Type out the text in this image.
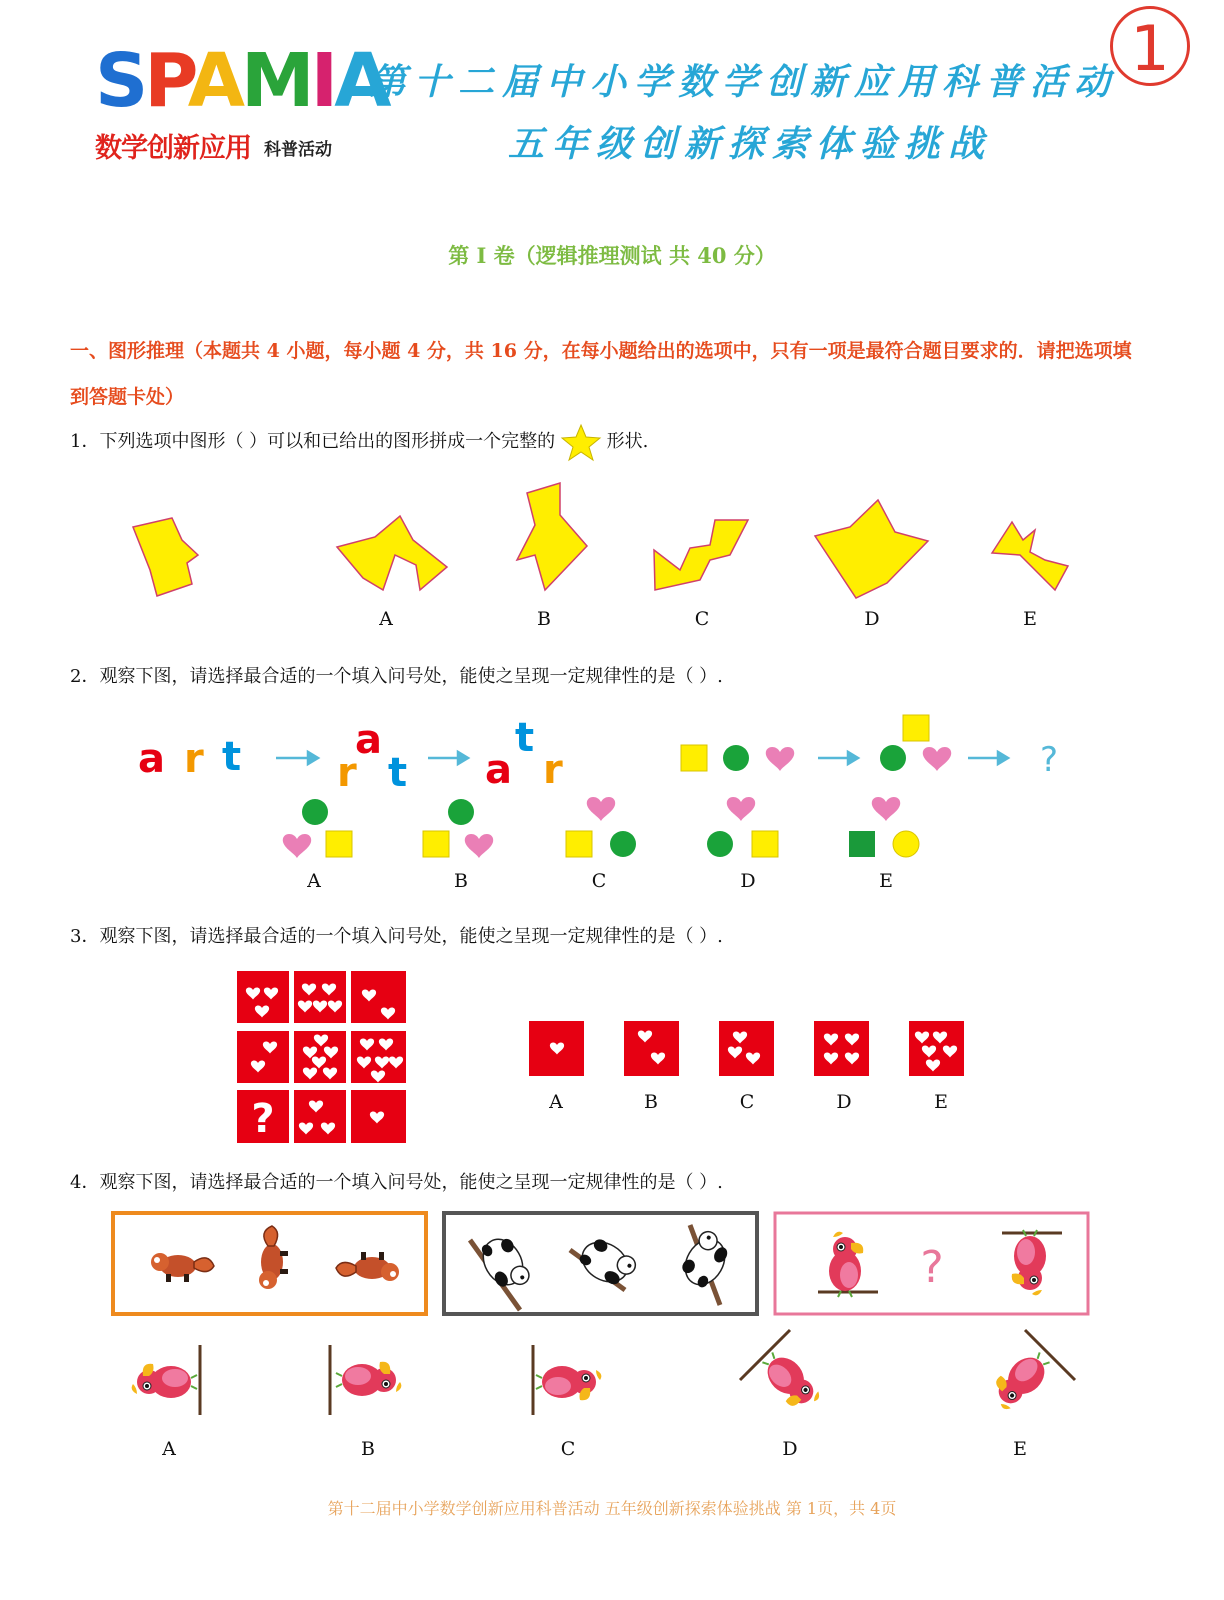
SPAMIA
数学创新应用 科普活动
第十二届中小学数学创新应用科普活动
五年级创新探索体验挑战
1
第 I 卷（逻辑推理测试 共 40 分）
一、图形推理（本题共 4 小题，每小题 4 分，共 16 分，在每小题给出的选项中，只有一项是最符合题目要求的．请把选项填到答题卡处）
1．下列选项中图形（ ）可以和已给出的图形拼成一个完整的	形状.
A	B	C	D	E
2．观察下图，请选择最合适的一个填入问号处，能使之呈现一定规律性的是（ ）.
a r t	a
r t a r
t	?
A	B	C	D	E
3．观察下图，请选择最合适的一个填入问号处，能使之呈现一定规律性的是（ ）.
?	A	B	C	D	E
4．观察下图，请选择最合适的一个填入问号处，能使之呈现一定规律性的是（ ）.
?
A	B	C	D	E
第十二届中小学数学创新应用科普活动 五年级创新探索体验挑战 第 1页，共 4页
